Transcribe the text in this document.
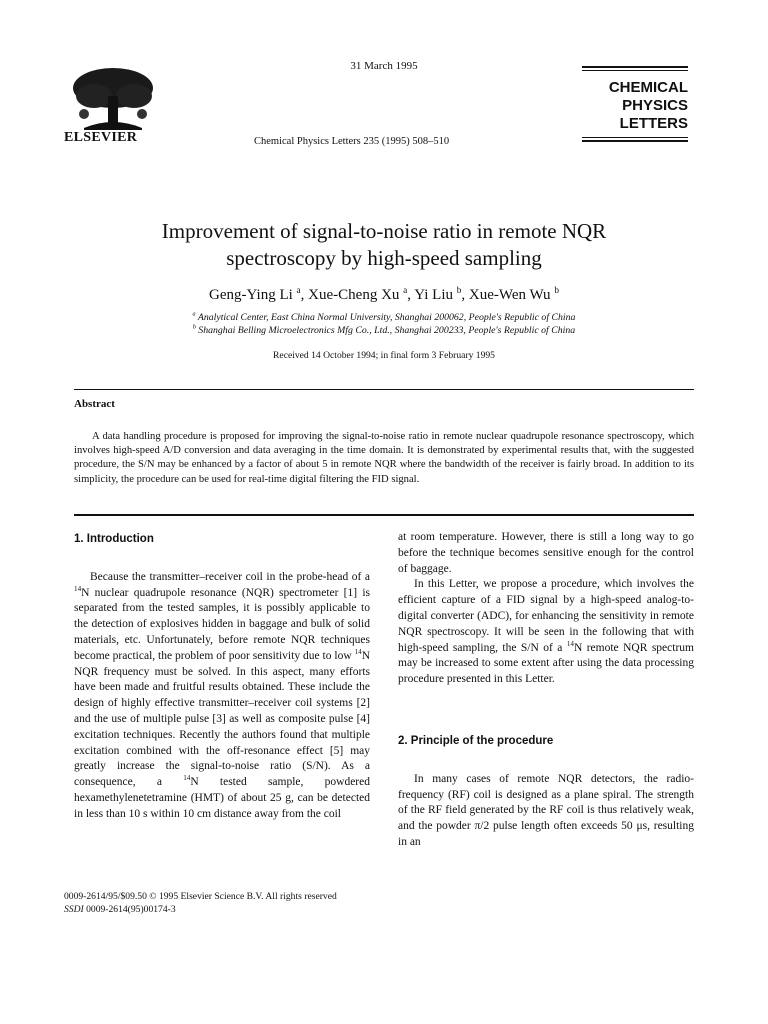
31 March 1995
ELSEVIER	Chemical Physics Letters 235 (1995) 508–510
CHEMICAL
PHYSICS
LETTERS
Improvement of signal-to-noise ratio in remote NQR
spectroscopy by high-speed sampling
Geng-Ying Li $^a$, Xue-Cheng Xu $^a$, Yi Liu $^b$, Xue-Wen Wu $^b$
$^a$ Analytical Center, East China Normal University, Shanghai 200062, People's Republic of China
$^b$ Shanghai Belling Microelectronics Mfg Co., Ltd., Shanghai 200233, People's Republic of China
Received 14 October 1994; in final form 3 February 1995
Abstract
A data handling procedure is proposed for improving the signal-to-noise ratio in remote nuclear quadrupole resonance spectroscopy, which involves high-speed A/D conversion and data averaging in the time domain. It is demonstrated by experimental results that, with the suggested procedure, the S/N may be enhanced by a factor of about 5 in remote NQR where the bandwidth of the receiver is fairly broad. In addition to its simplicity, the procedure can be used for real-time digital filtering the FID signal.
1. Introduction

Because the transmitter–receiver coil in the probe-head of a $^{14}$N nuclear quadrupole resonance (NQR) spectrometer [1] is separated from the tested samples, it is possibly applicable to the detection of explosives hidden in baggage and bulk of solid materials, etc. Unfortunately, before remote NQR techniques become practical, the problem of poor sensitivity due to low $^{14}$N NQR frequency must be solved. In this aspect, many efforts have been made and fruitful results obtained. These include the design of highly effective transmitter–receiver coil systems [2] and the use of multiple pulse [3] as well as composite pulse [4] excitation techniques. Recently the authors found that multiple excitation combined with the off-resonance effect [5] may greatly increase the signal-to-noise ratio (S/N). As a consequence, a $^{14}$N tested sample, powdered hexamethylenetetramine (HMT) of about 25 g, can be detected in less than 10 s within 10 cm distance away from the coil

at room temperature. However, there is still a long way to go before the technique becomes sensitive enough for the control of baggage.

In this Letter, we propose a procedure, which involves the efficient capture of a FID signal by a high-speed analog-to-digital converter (ADC), for enhancing the sensitivity in remote NQR spectroscopy. It will be seen in the following that with high-speed sampling, the S/N of a $^{14}$N remote NQR spectrum may be increased to some extent after using the data processing procedure presented in this Letter.

2. Principle of the procedure

In many cases of remote NQR detectors, the radio-frequency (RF) coil is designed as a plane spiral. The strength of the RF field generated by the RF coil is thus relatively weak, and the powder π/2 pulse length often exceeds 50 μs, resulting in an

0009-2614/95/$09.50 © 1995 Elsevier Science B.V. All rights reserved
SSDI 0009-2614(95)00174-3
